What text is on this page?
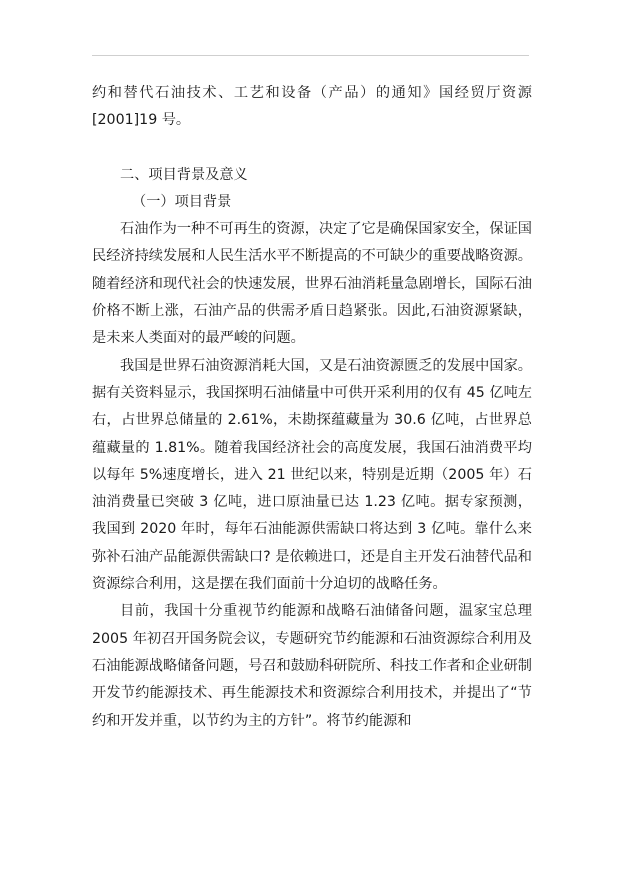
约和替代石油技术、工艺和设备（产品）的通知》国经贸厅资源[2001]19 号。

二、项目背景及意义

（一）项目背景

石油作为一种不可再生的资源，决定了它是确保国家安全，保证国民经济持续发展和人民生活水平不断提高的不可缺少的重要战略资源。随着经济和现代社会的快速发展，世界石油消耗量急剧增长，国际石油价格不断上涨，石油产品的供需矛盾日趋紧张。因此,石油资源紧缺，是未来人类面对的最严峻的问题。

我国是世界石油资源消耗大国，又是石油资源匮乏的发展中国家。据有关资料显示，我国探明石油储量中可供开采利用的仅有 45 亿吨左右，占世界总储量的 2.61%，未勘探蕴藏量为 30.6 亿吨，占世界总蕴藏量的 1.81%。随着我国经济社会的高度发展，我国石油消费平均以每年 5%速度增长，进入 21 世纪以来，特别是近期（2005 年）石油消费量已突破 3 亿吨，进口原油量已达 1.23 亿吨。据专家预测，我国到 2020 年时，每年石油能源供需缺口将达到 3 亿吨。靠什么来弥补石油产品能源供需缺口? 是依赖进口，还是自主开发石油替代品和资源综合利用，这是摆在我们面前十分迫切的战略任务。

目前，我国十分重视节约能源和战略石油储备问题，温家宝总理 2005 年初召开国务院会议，专题研究节约能源和石油资源综合利用及石油能源战略储备问题，号召和鼓励科研院所、科技工作者和企业研制开发节约能源技术、再生能源技术和资源综合利用技术，并提出了“节约和开发并重，以节约为主的方针”。将节约能源和
